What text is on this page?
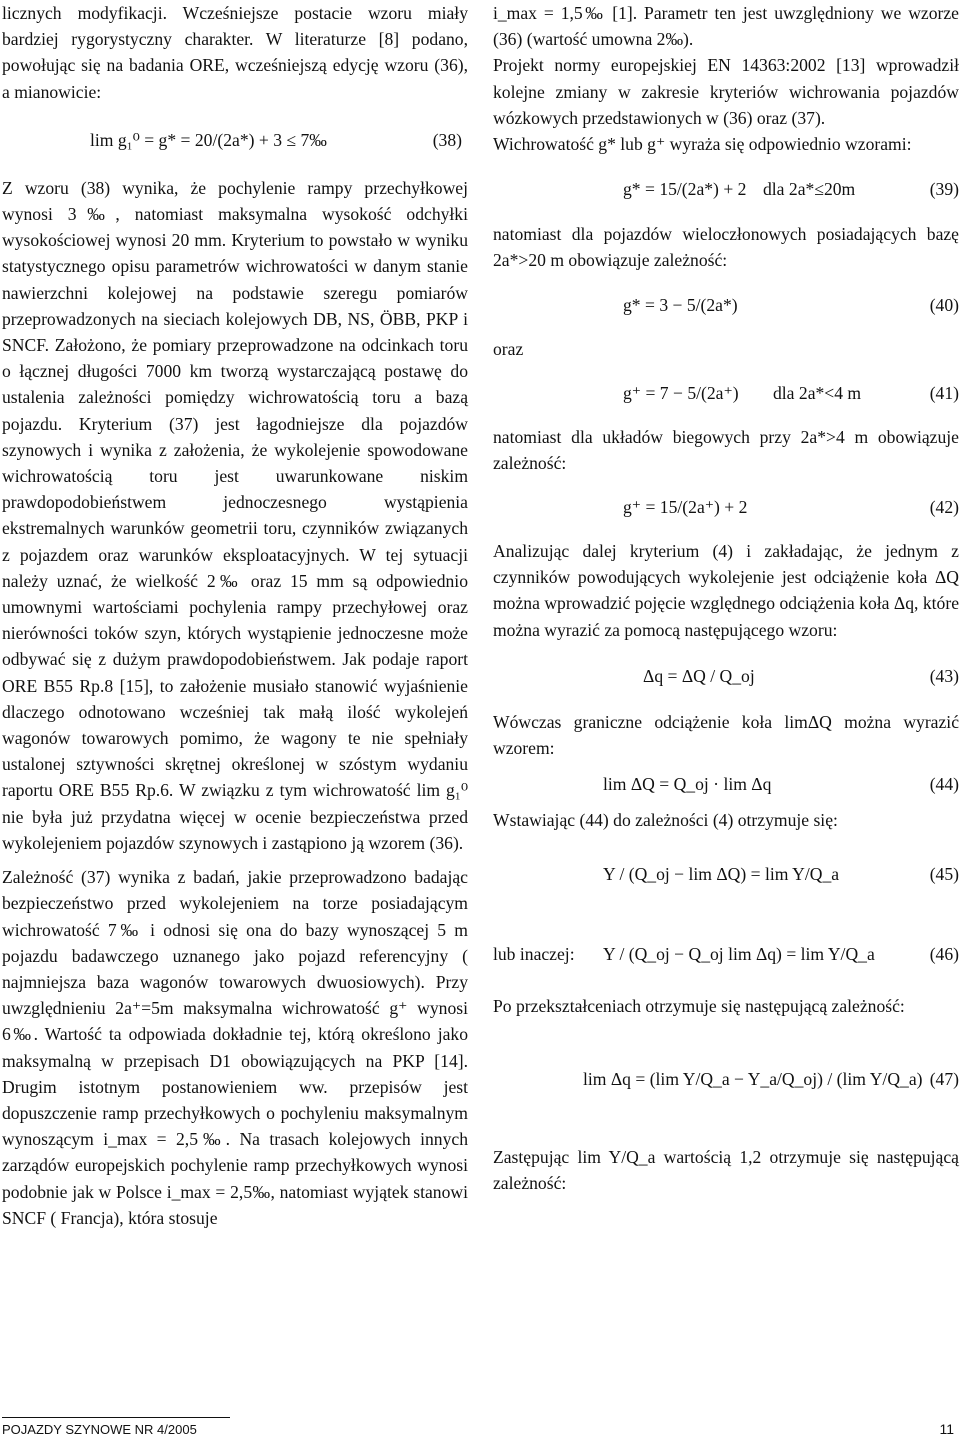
licznych modyfikacji. Wcześniejsze postacie wzoru miały bardziej rygorystyczny charakter. W literaturze [8] podano, powołując się na badania ORE, wcześniejszą edycję wzoru (36), a mianowicie:

lim g₁⁰ = g* = 20/(2a*) + 3 ≤ 7‰	(38)

Z wzoru (38) wynika, że pochylenie rampy przechyłkowej wynosi 3‰, natomiast maksymalna wysokość odchyłki wysokościowej wynosi 20 mm. Kryterium to powstało w wyniku statystycznego opisu parametrów wichrowatości w danym stanie nawierzchni kolejowej na podstawie szeregu pomiarów przeprowadzonych na sieciach kolejowych DB, NS, ÖBB, PKP i SNCF. Założono, że pomiary przeprowadzone na odcinkach toru o łącznej długości 7000 km tworzą wystarczającą postawę do ustalenia zależności pomiędzy wichrowatością toru a bazą pojazdu. Kryterium (37) jest łagodniejsze dla pojazdów szynowych i wynika z założenia, że wykolejenie spowodowane wichrowatością toru jest uwarunkowane niskim prawdopodobieństwem jednoczesnego wystąpienia ekstremalnych warunków geometrii toru, czynników związanych z pojazdem oraz warunków eksploatacyjnych. W tej sytuacji należy uznać, że wielkość 2‰ oraz 15 mm są odpowiednio umownymi wartościami pochylenia rampy przechyłowej oraz nierówności toków szyn, których wystąpienie jednoczesne może odbywać się z dużym prawdopodobieństwem. Jak podaje raport ORE B55 Rp.8 [15], to założenie musiało stanowić wyjaśnienie dlaczego odnotowano wcześniej tak małą ilość wykolejeń wagonów towarowych pomimo, że wagony te nie spełniały ustalonej sztywności skrętnej określonej w szóstym wydaniu raportu ORE B55 Rp.6. W związku z tym wichrowatość lim g₁⁰ nie była już przydatna więcej w ocenie bezpieczeństwa przed wykolejeniem pojazdów szynowych i zastąpiono ją wzorem (36).

Zależność (37) wynika z badań, jakie przeprowadzono badając bezpieczeństwo przed wykolejeniem na torze posiadającym wichrowatość 7‰ i odnosi się ona do bazy wynoszącej 5 m pojazdu badawczego uznanego jako pojazd referencyjny ( najmniejsza baza wagonów towarowych dwuosiowych). Przy uwzględnieniu 2a⁺=5m maksymalna wichrowatość g⁺ wynosi 6‰. Wartość ta odpowiada dokładnie tej, którą określono jako maksymalną w przepisach D1 obowiązujących na PKP [14]. Drugim istotnym postanowieniem ww. przepisów jest dopuszczenie ramp przechyłkowych o pochyleniu maksymalnym wynoszącym i_max = 2,5‰. Na trasach kolejowych innych zarządów europejskich pochylenie ramp przechyłkowych wynosi podobnie jak w Polsce i_max = 2,5‰, natomiast wyjątek stanowi SNCF ( Francja), która stosuje

i_max = 1,5‰ [1]. Parametr ten jest uwzględniony we wzorze (36) (wartość umowna 2‰).

Projekt normy europejskiej EN 14363:2002 [13] wprowadził kolejne zmiany w zakresie kryteriów wichrowania pojazdów wózkowych przedstawionych w (36) oraz (37).

Wichrowatość g* lub g⁺ wyraża się odpowiednio wzorami:

g* = 15/(2a*) + 2 dla 2a*≤20m	(39)

natomiast dla pojazdów wieloczłonowych posiadających bazę 2a*>20 m obowiązuje zależność:

g* = 3 − 5/(2a*)	(40)
oraz
g⁺ = 7 − 5/(2a⁺) dla 2a*<4 m	(41)

natomiast dla układów biegowych przy 2a*>4 m obowiązuje zależność:

g⁺ = 15/(2a⁺) + 2	(42)

Analizując dalej kryterium (4) i zakładając, że jednym z czynników powodujących wykolejenie jest odciążenie koła ΔQ można wprowadzić pojęcie względnego odciążenia koła Δq, które można wyrazić za pomocą następującego wzoru:

Δq = ΔQ / Q_oj	(43)

Wówczas graniczne odciążenie koła limΔQ można wyrazić wzorem:

lim ΔQ = Q_oj · lim Δq	(44)

Wstawiając (44) do zależności (4) otrzymuje się:

Y / (Q_oj − lim ΔQ) = lim Y/Q_a	(45)
lub inaczej: Y / (Q_oj − Q_oj lim Δq) = lim Y/Q_a	(46)

Po przekształceniach otrzymuje się następującą zależność:

lim Δq = (lim Y/Q_a − Y_a/Q_oj) / (lim Y/Q_a) (47)

Zastępując lim Y/Q_a wartością 1,2 otrzymuje się następującą zależność:

POJAZDY SZYNOWE NR 4/2005	11
